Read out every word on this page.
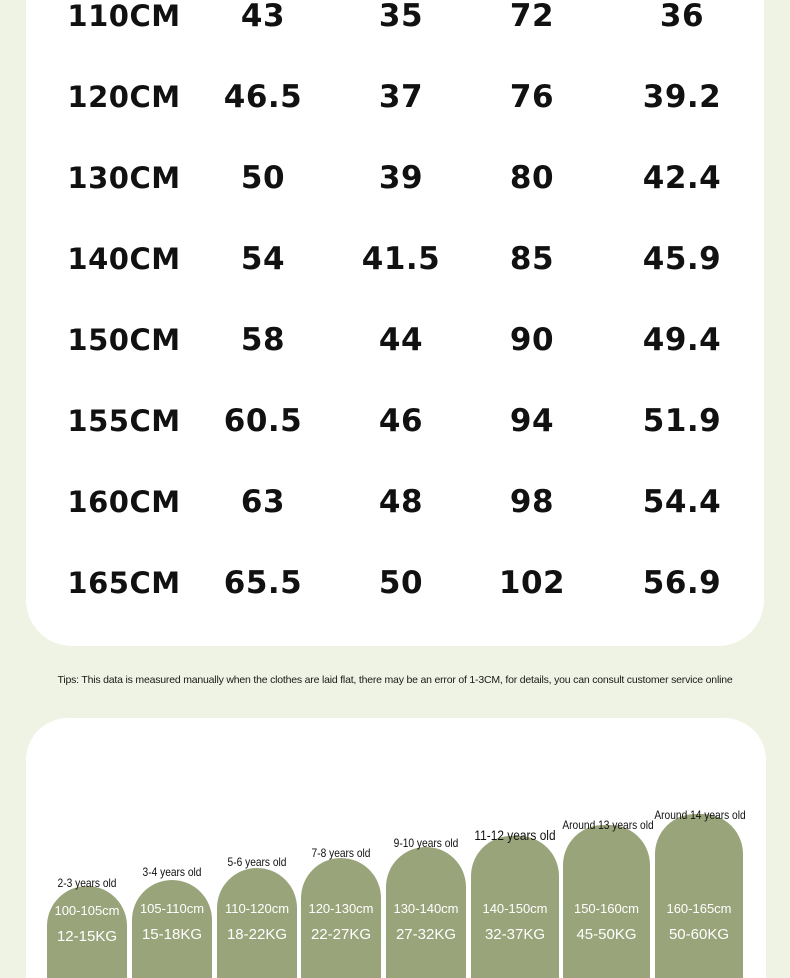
110CM	43	35	72	36
120CM	46.5	37	76	39.2
130CM	50	39	80	42.4
140CM	54	41.5	85	45.9
150CM	58	44	90	49.4
155CM	60.5	46	94	51.9
160CM	63	48	98	54.4
165CM	65.5	50	102	56.9
Tips: This data is measured manually when the clothes are laid flat, there may be an error of 1-3CM, for details, you can consult customer service online
2-3 years old
100-105cm
12-15KG
3-4 years old
105-110cm
15-18KG
5-6 years old
110-120cm
18-22KG
7-8 years old
120-130cm
22-27KG
9-10 years old
130-140cm
27-32KG
11-12 years old
140-150cm
32-37KG
Around 13 years old
150-160cm
45-50KG
Around 14 years old
160-165cm
50-60KG
